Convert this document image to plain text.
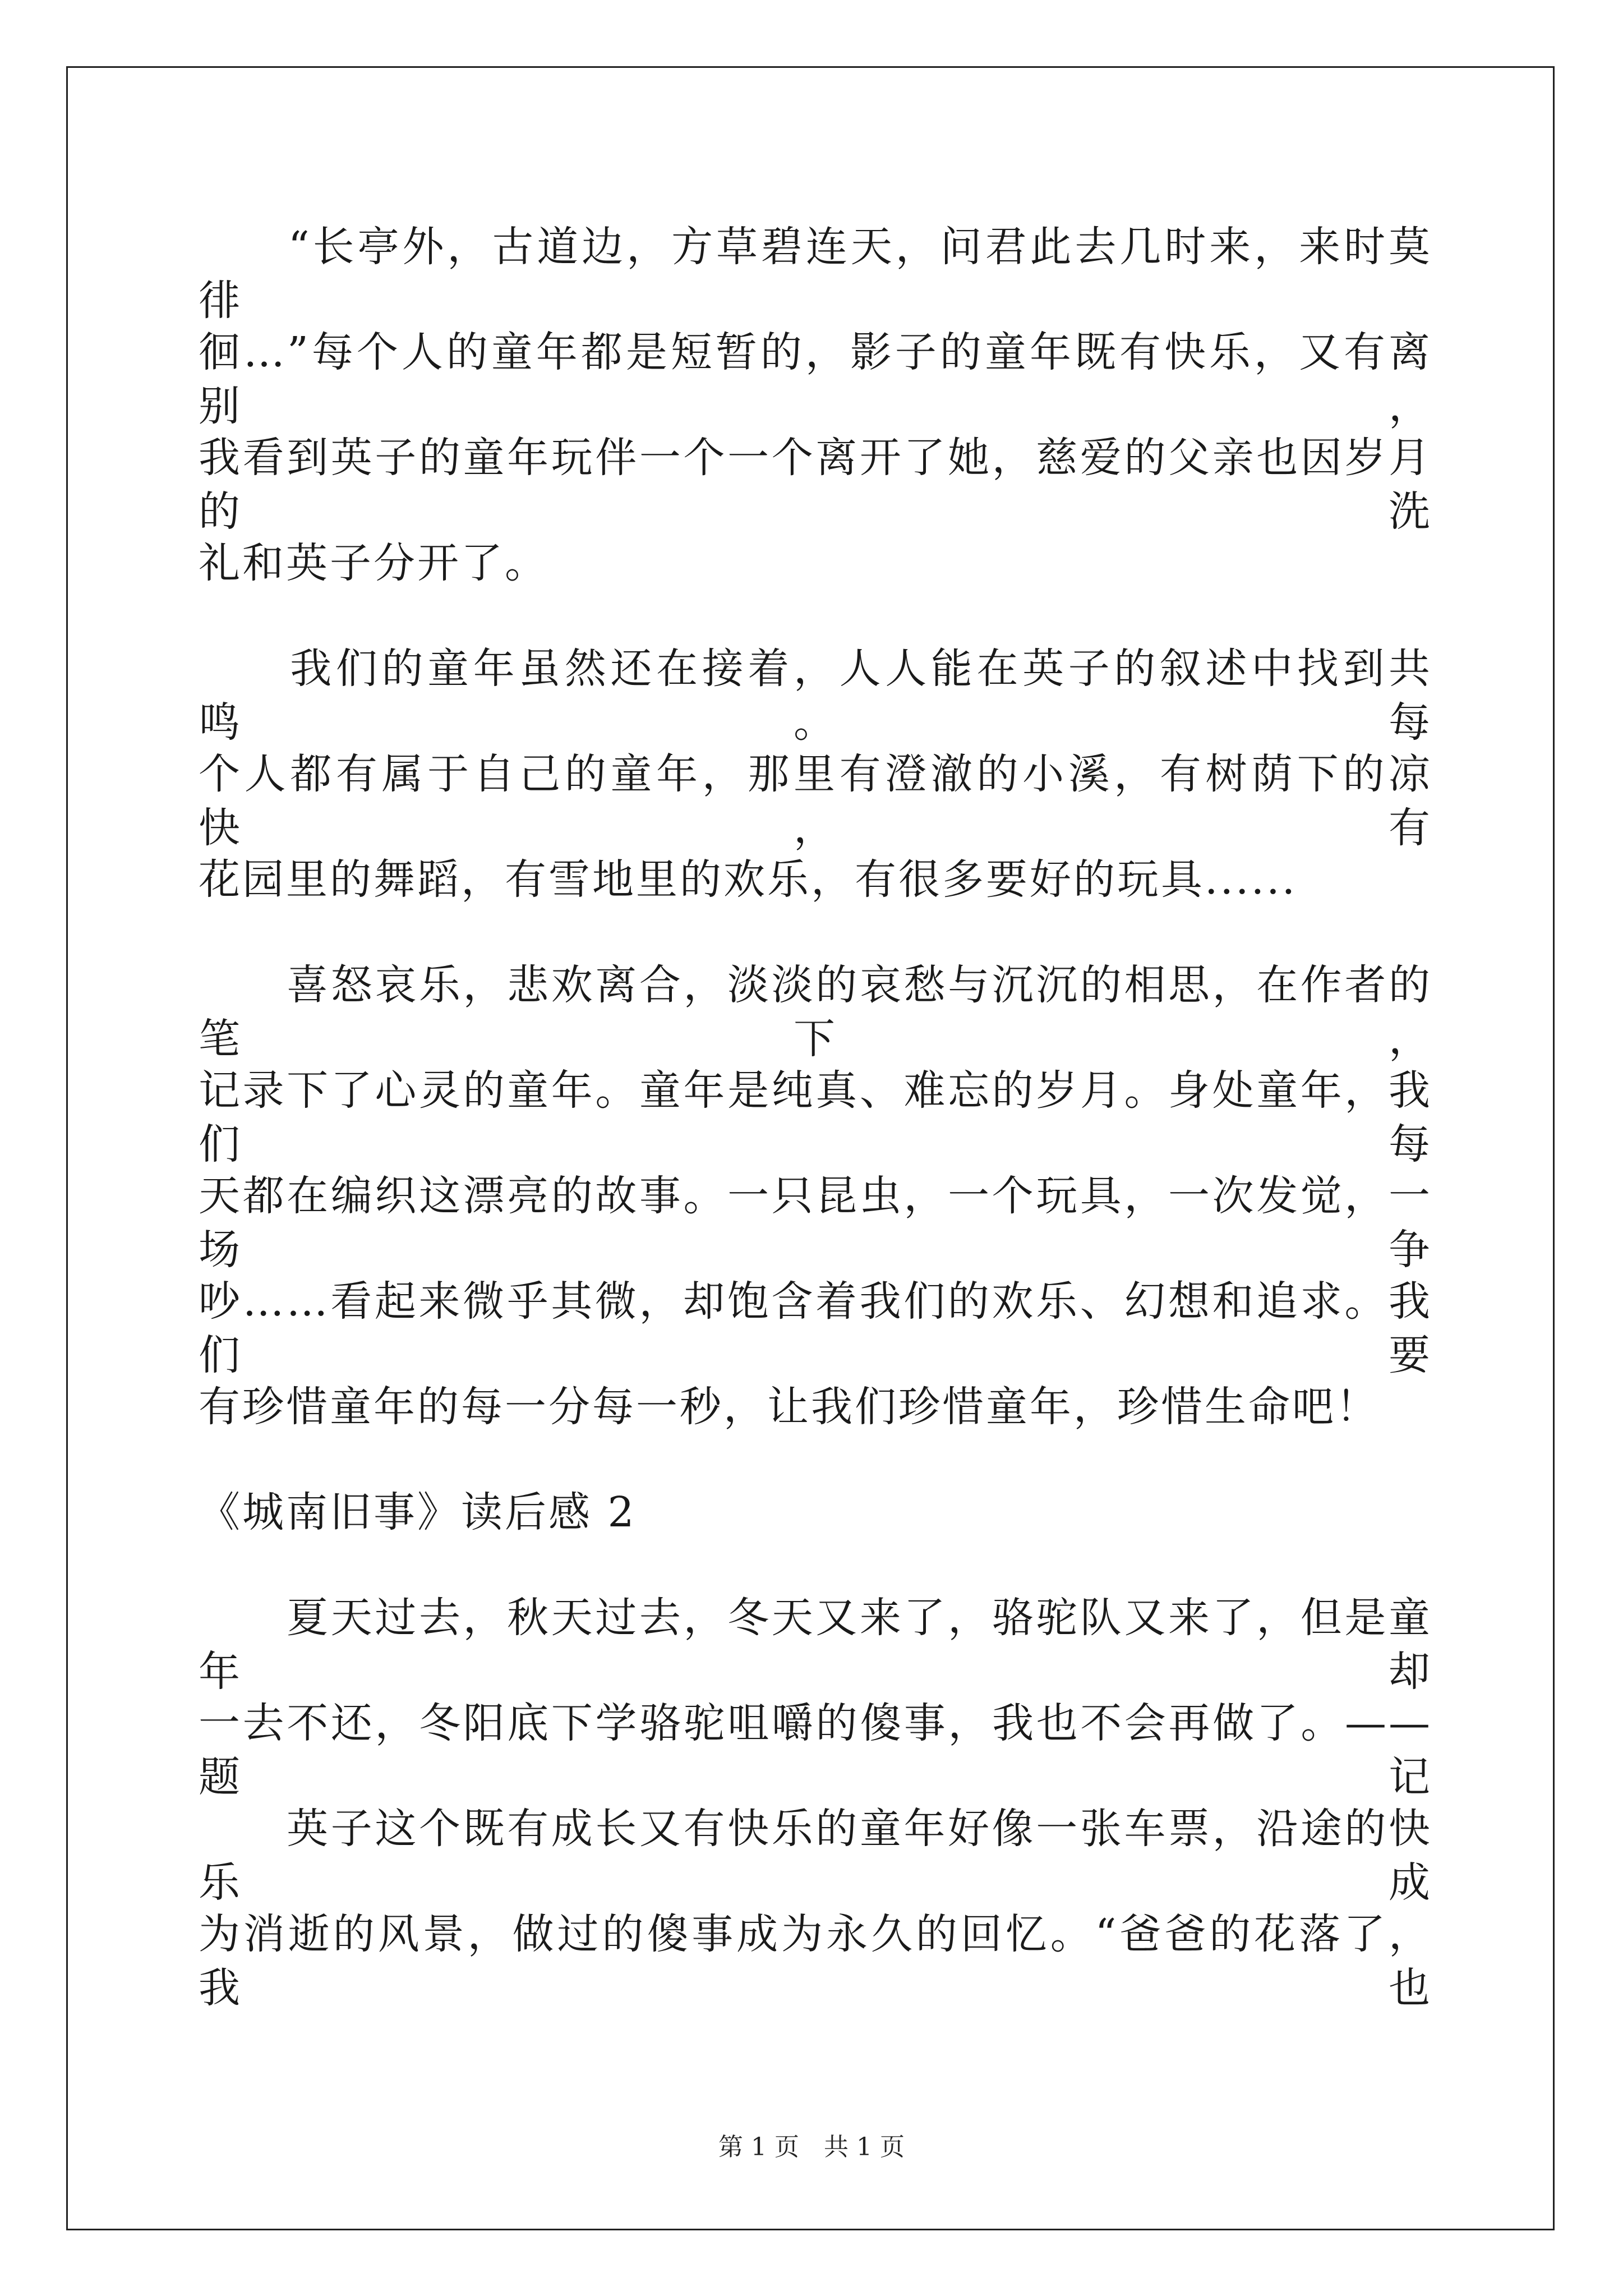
　　“长亭外，古道边，方草碧连天，问君此去几时来，来时莫徘
徊…”每个人的童年都是短暂的，影子的童年既有快乐，又有离别，
我看到英子的童年玩伴一个一个离开了她，慈爱的父亲也因岁月的洗
礼和英子分开了。
　　我们的童年虽然还在接着，人人能在英子的叙述中找到共鸣。每
个人都有属于自己的童年，那里有澄澈的小溪，有树荫下的凉快，有
花园里的舞蹈，有雪地里的欢乐，有很多要好的玩具......
　　喜怒哀乐，悲欢离合，淡淡的哀愁与沉沉的相思，在作者的笔下，
记录下了心灵的童年。童年是纯真、难忘的岁月。身处童年，我们每
天都在编织这漂亮的故事。一只昆虫，一个玩具，一次发觉，一场争
吵……看起来微乎其微，却饱含着我们的欢乐、幻想和追求。我们要
有珍惜童年的每一分每一秒，让我们珍惜童年，珍惜生命吧！
《城南旧事》读后感 2
　　夏天过去，秋天过去，冬天又来了，骆驼队又来了，但是童年却
一去不还，冬阳底下学骆驼咀嚼的傻事，我也不会再做了。——题记
　　英子这个既有成长又有快乐的童年好像一张车票，沿途的快乐成
为消逝的风景，做过的傻事成为永久的回忆。“爸爸的花落了，我也
第 1 页　共 1 页
